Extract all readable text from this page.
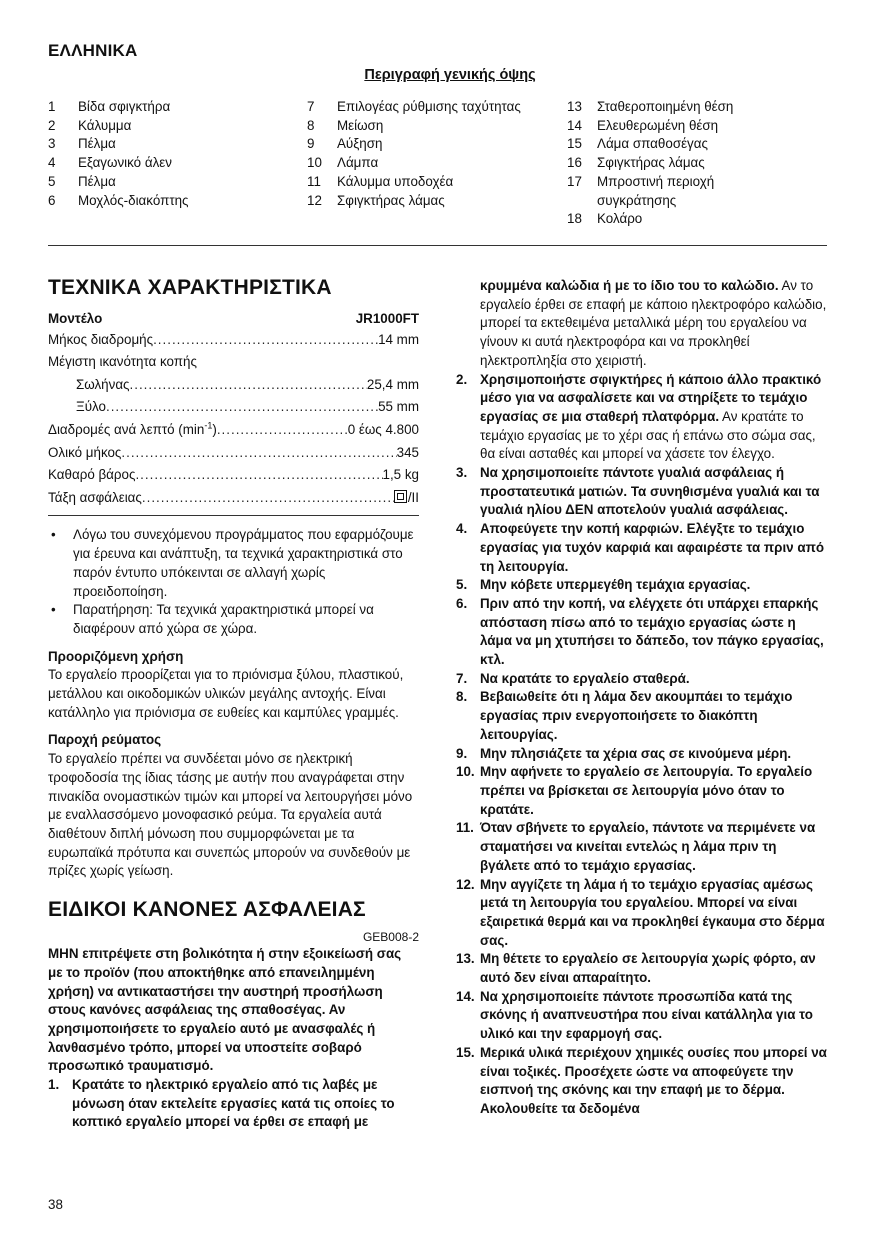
ΕΛΛΗΝΙΚΑ
Περιγραφή γενικής όψης
1	Βίδα σφιγκτήρα
2	Κάλυμμα
3	Πέλμα
4	Εξαγωνικό άλεν
5	Πέλμα
6	Μοχλός-διακόπτης
7	Επιλογέας ρύθμισης ταχύτητας
8	Μείωση
9	Αύξηση
10	Λάμπα
11	Κάλυμμα υποδοχέα
12	Σφιγκτήρας λάμας
13	Σταθεροποιημένη θέση
14	Ελευθερωμένη θέση
15	Λάμα σπαθοσέγας
16	Σφιγκτήρας λάμας
17	Μπροστινή περιοχή συγκράτησης
18	Κολάρο
ΤΕΧΝΙΚΑ ΧΑΡΑΚΤΗΡΙΣΤΙΚΑ
Μοντέλο	JR1000FT
Μήκος διαδρομής .....	14 mm
Μέγιστη ικανότητα κοπής
Σωλήνας .....	25,4 mm
Ξύλο .....	55 mm
Διαδρομές ανά λεπτό $(\min^{-1})$ .....	0 έως 4.800
Ολικό μήκος .....	345
Καθαρό βάρος .....	1,5 kg
Τάξη ασφάλειας .....	/II
•	Λόγω του συνεχόμενου προγράμματος που εφαρμόζουμε για έρευνα και ανάπτυξη, τα τεχνικά χαρακτηριστικά στο παρόν έντυπο υπόκεινται σε αλλαγή χωρίς προειδοποίηση.
•	Παρατήρηση: Τα τεχνικά χαρακτηριστικά μπορεί να διαφέρουν από χώρα σε χώρα.
Προοριζόμενη χρήση
Το εργαλείο προορίζεται για το πριόνισμα ξύλου, πλαστικού, μετάλλου και οικοδομικών υλικών μεγάλης αντοχής. Είναι κατάλληλο για πριόνισμα σε ευθείες και καμπύλες γραμμές.
Παροχή ρεύματος
Το εργαλείο πρέπει να συνδέεται μόνο σε ηλεκτρική τροφοδοσία της ίδιας τάσης με αυτήν που αναγράφεται στην πινακίδα ονομαστικών τιμών και μπορεί να λειτουργήσει μόνο με εναλλασσόμενο μονοφασικό ρεύμα. Τα εργαλεία αυτά διαθέτουν διπλή μόνωση που συμμορφώνεται με τα ευρωπαϊκά πρότυπα και συνεπώς μπορούν να συνδεθούν με πρίζες χωρίς γείωση.
ΕΙΔΙΚΟΙ ΚΑΝΟΝΕΣ ΑΣΦΑΛΕΙΑΣ
GEB008-2
ΜΗΝ επιτρέψετε στη βολικότητα ή στην εξοικείωσή σας με το προϊόν (που αποκτήθηκε από επανειλημμένη χρήση) να αντικαταστήσει την αυστηρή προσήλωση στους κανόνες ασφάλειας της σπαθοσέγας. Αν χρησιμοποιήσετε το εργαλείο αυτό με ανασφαλές ή λανθασμένο τρόπο, μπορεί να υποστείτε σοβαρό προσωπικό τραυματισμό.
1. Κρατάτε το ηλεκτρικό εργαλείο από τις λαβές με μόνωση όταν εκτελείτε εργασίες κατά τις οποίες το κοπτικό εργαλείο μπορεί να έρθει σε επαφή με
κρυμμένα καλώδια ή με το ίδιο του το καλώδιο. Αν το εργαλείο έρθει σε επαφή με κάποιο ηλεκτροφόρο καλώδιο, μπορεί τα εκτεθειμένα μεταλλικά μέρη του εργαλείου να γίνουν κι αυτά ηλεκτροφόρα και να προκληθεί ηλεκτροπληξία στο χειριστή.
2. Χρησιμοποιήστε σφιγκτήρες ή κάποιο άλλο πρακτικό μέσο για να ασφαλίσετε και να στηρίξετε το τεμάχιο εργασίας σε μια σταθερή πλατφόρμα. Αν κρατάτε το τεμάχιο εργασίας με το χέρι σας ή επάνω στο σώμα σας, θα είναι ασταθές και μπορεί να χάσετε τον έλεγχο.
3. Να χρησιμοποιείτε πάντοτε γυαλιά ασφάλειας ή προστατευτικά ματιών. Τα συνηθισμένα γυαλιά και τα γυαλιά ηλίου ΔΕΝ αποτελούν γυαλιά ασφάλειας.
4. Αποφεύγετε την κοπή καρφιών. Ελέγξτε το τεμάχιο εργασίας για τυχόν καρφιά και αφαιρέστε τα πριν από τη λειτουργία.
5. Μην κόβετε υπερμεγέθη τεμάχια εργασίας.
6. Πριν από την κοπή, να ελέγχετε ότι υπάρχει επαρκής απόσταση πίσω από το τεμάχιο εργασίας ώστε η λάμα να μη χτυπήσει το δάπεδο, τον πάγκο εργασίας, κτλ.
7. Να κρατάτε το εργαλείο σταθερά.
8. Βεβαιωθείτε ότι η λάμα δεν ακουμπάει το τεμάχιο εργασίας πριν ενεργοποιήσετε το διακόπτη λειτουργίας.
9. Μην πλησιάζετε τα χέρια σας σε κινούμενα μέρη.
10. Μην αφήνετε το εργαλείο σε λειτουργία. Το εργαλείο πρέπει να βρίσκεται σε λειτουργία μόνο όταν το κρατάτε.
11. Όταν σβήνετε το εργαλείο, πάντοτε να περιμένετε να σταματήσει να κινείται εντελώς η λάμα πριν τη βγάλετε από το τεμάχιο εργασίας.
12. Μην αγγίζετε τη λάμα ή το τεμάχιο εργασίας αμέσως μετά τη λειτουργία του εργαλείου. Μπορεί να είναι εξαιρετικά θερμά και να προκληθεί έγκαυμα στο δέρμα σας.
13. Μη θέτετε το εργαλείο σε λειτουργία χωρίς φόρτο, αν αυτό δεν είναι απαραίτητο.
14. Να χρησιμοποιείτε πάντοτε προσωπίδα κατά της σκόνης ή αναπνευστήρα που είναι κατάλληλα για το υλικό και την εφαρμογή σας.
15. Μερικά υλικά περιέχουν χημικές ουσίες που μπορεί να είναι τοξικές. Προσέχετε ώστε να αποφεύγετε την εισπνοή της σκόνης και την επαφή με το δέρμα. Ακολουθείτε τα δεδομένα
38
